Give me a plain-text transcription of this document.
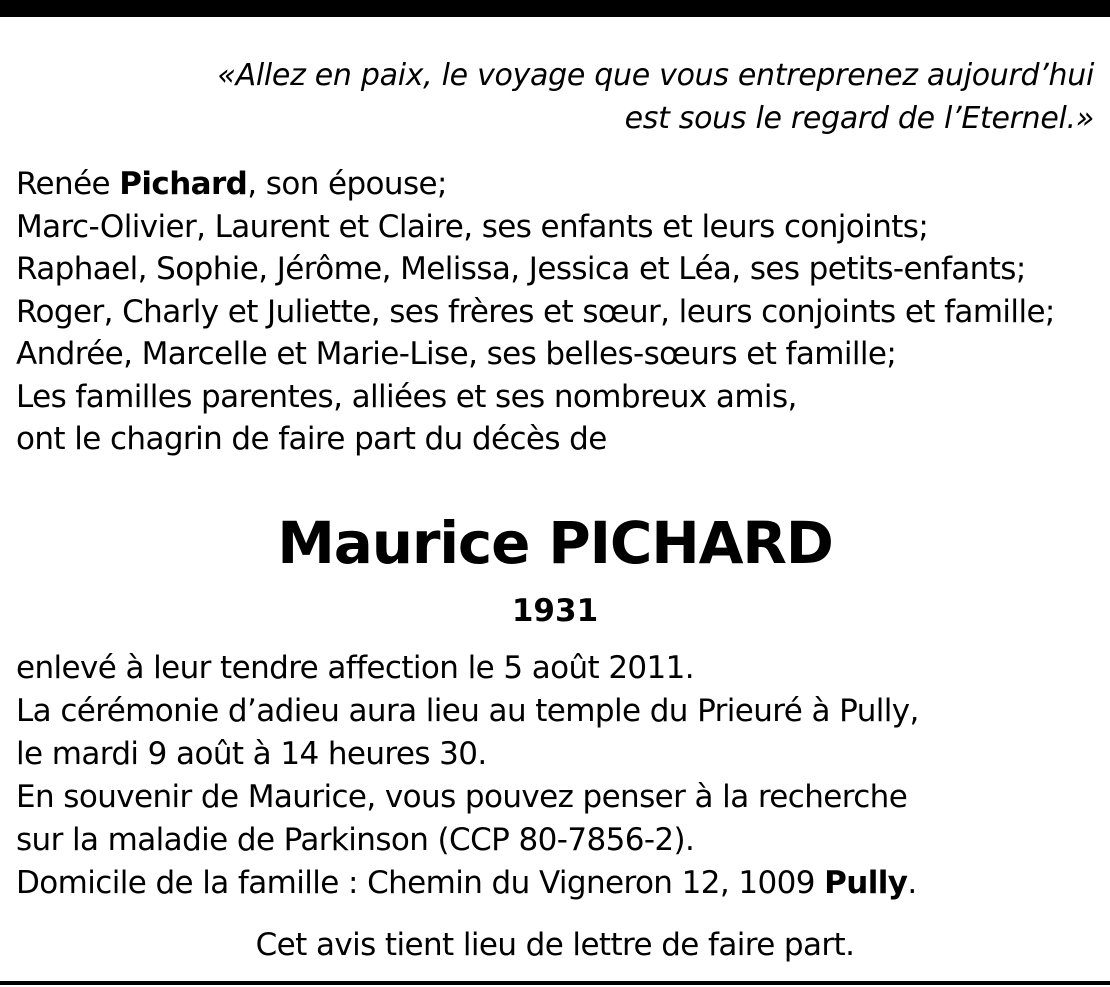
«Allez en paix, le voyage que vous entreprenez aujourd’hui
est sous le regard de l’Eternel.»
Renée Pichard, son épouse;
Marc-Olivier, Laurent et Claire, ses enfants et leurs conjoints;
Raphael, Sophie, Jérôme, Melissa, Jessica et Léa, ses petits-enfants;
Roger, Charly et Juliette, ses frères et sœur, leurs conjoints et famille;
Andrée, Marcelle et Marie-Lise, ses belles-sœurs et famille;
Les familles parentes, alliées et ses nombreux amis,
ont le chagrin de faire part du décès de
Maurice PICHARD
1931
enlevé à leur tendre affection le 5 août 2011.
La cérémonie d’adieu aura lieu au temple du Prieuré à Pully,
le mardi 9 août à 14 heures 30.
En souvenir de Maurice, vous pouvez penser à la recherche
sur la maladie de Parkinson (CCP 80-7856-2).
Domicile de la famille : Chemin du Vigneron 12, 1009 Pully.
Cet avis tient lieu de lettre de faire part.
